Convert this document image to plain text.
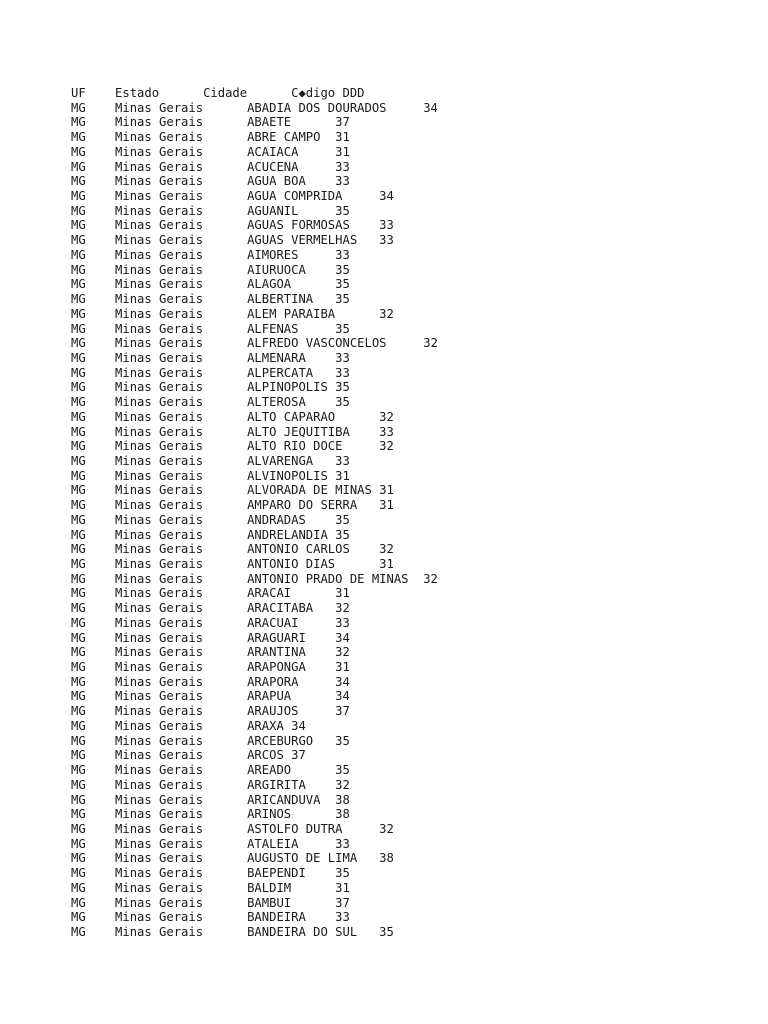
UF    Estado      Cidade      C◆digo DDD
MG    Minas Gerais      ABADIA DOS DOURADOS     34
MG    Minas Gerais      ABAETE      37
MG    Minas Gerais      ABRE CAMPO  31
MG    Minas Gerais      ACAIACA     31
MG    Minas Gerais      ACUCENA     33
MG    Minas Gerais      AGUA BOA    33
MG    Minas Gerais      AGUA COMPRIDA     34
MG    Minas Gerais      AGUANIL     35
MG    Minas Gerais      AGUAS FORMOSAS    33
MG    Minas Gerais      AGUAS VERMELHAS   33
MG    Minas Gerais      AIMORES     33
MG    Minas Gerais      AIURUOCA    35
MG    Minas Gerais      ALAGOA      35
MG    Minas Gerais      ALBERTINA   35
MG    Minas Gerais      ALEM PARAIBA      32
MG    Minas Gerais      ALFENAS     35
MG    Minas Gerais      ALFREDO VASCONCELOS     32
MG    Minas Gerais      ALMENARA    33
MG    Minas Gerais      ALPERCATA   33
MG    Minas Gerais      ALPINOPOLIS 35
MG    Minas Gerais      ALTEROSA    35
MG    Minas Gerais      ALTO CAPARAO      32
MG    Minas Gerais      ALTO JEQUITIBA    33
MG    Minas Gerais      ALTO RIO DOCE     32
MG    Minas Gerais      ALVARENGA   33
MG    Minas Gerais      ALVINOPOLIS 31
MG    Minas Gerais      ALVORADA DE MINAS 31
MG    Minas Gerais      AMPARO DO SERRA   31
MG    Minas Gerais      ANDRADAS    35
MG    Minas Gerais      ANDRELANDIA 35
MG    Minas Gerais      ANTONIO CARLOS    32
MG    Minas Gerais      ANTONIO DIAS      31
MG    Minas Gerais      ANTONIO PRADO DE MINAS  32
MG    Minas Gerais      ARACAI      31
MG    Minas Gerais      ARACITABA   32
MG    Minas Gerais      ARACUAI     33
MG    Minas Gerais      ARAGUARI    34
MG    Minas Gerais      ARANTINA    32
MG    Minas Gerais      ARAPONGA    31
MG    Minas Gerais      ARAPORA     34
MG    Minas Gerais      ARAPUA      34
MG    Minas Gerais      ARAUJOS     37
MG    Minas Gerais      ARAXA 34
MG    Minas Gerais      ARCEBURGO   35
MG    Minas Gerais      ARCOS 37
MG    Minas Gerais      AREADO      35
MG    Minas Gerais      ARGIRITA    32
MG    Minas Gerais      ARICANDUVA  38
MG    Minas Gerais      ARINOS      38
MG    Minas Gerais      ASTOLFO DUTRA     32
MG    Minas Gerais      ATALEIA     33
MG    Minas Gerais      AUGUSTO DE LIMA   38
MG    Minas Gerais      BAEPENDI    35
MG    Minas Gerais      BALDIM      31
MG    Minas Gerais      BAMBUI      37
MG    Minas Gerais      BANDEIRA    33
MG    Minas Gerais      BANDEIRA DO SUL   35
